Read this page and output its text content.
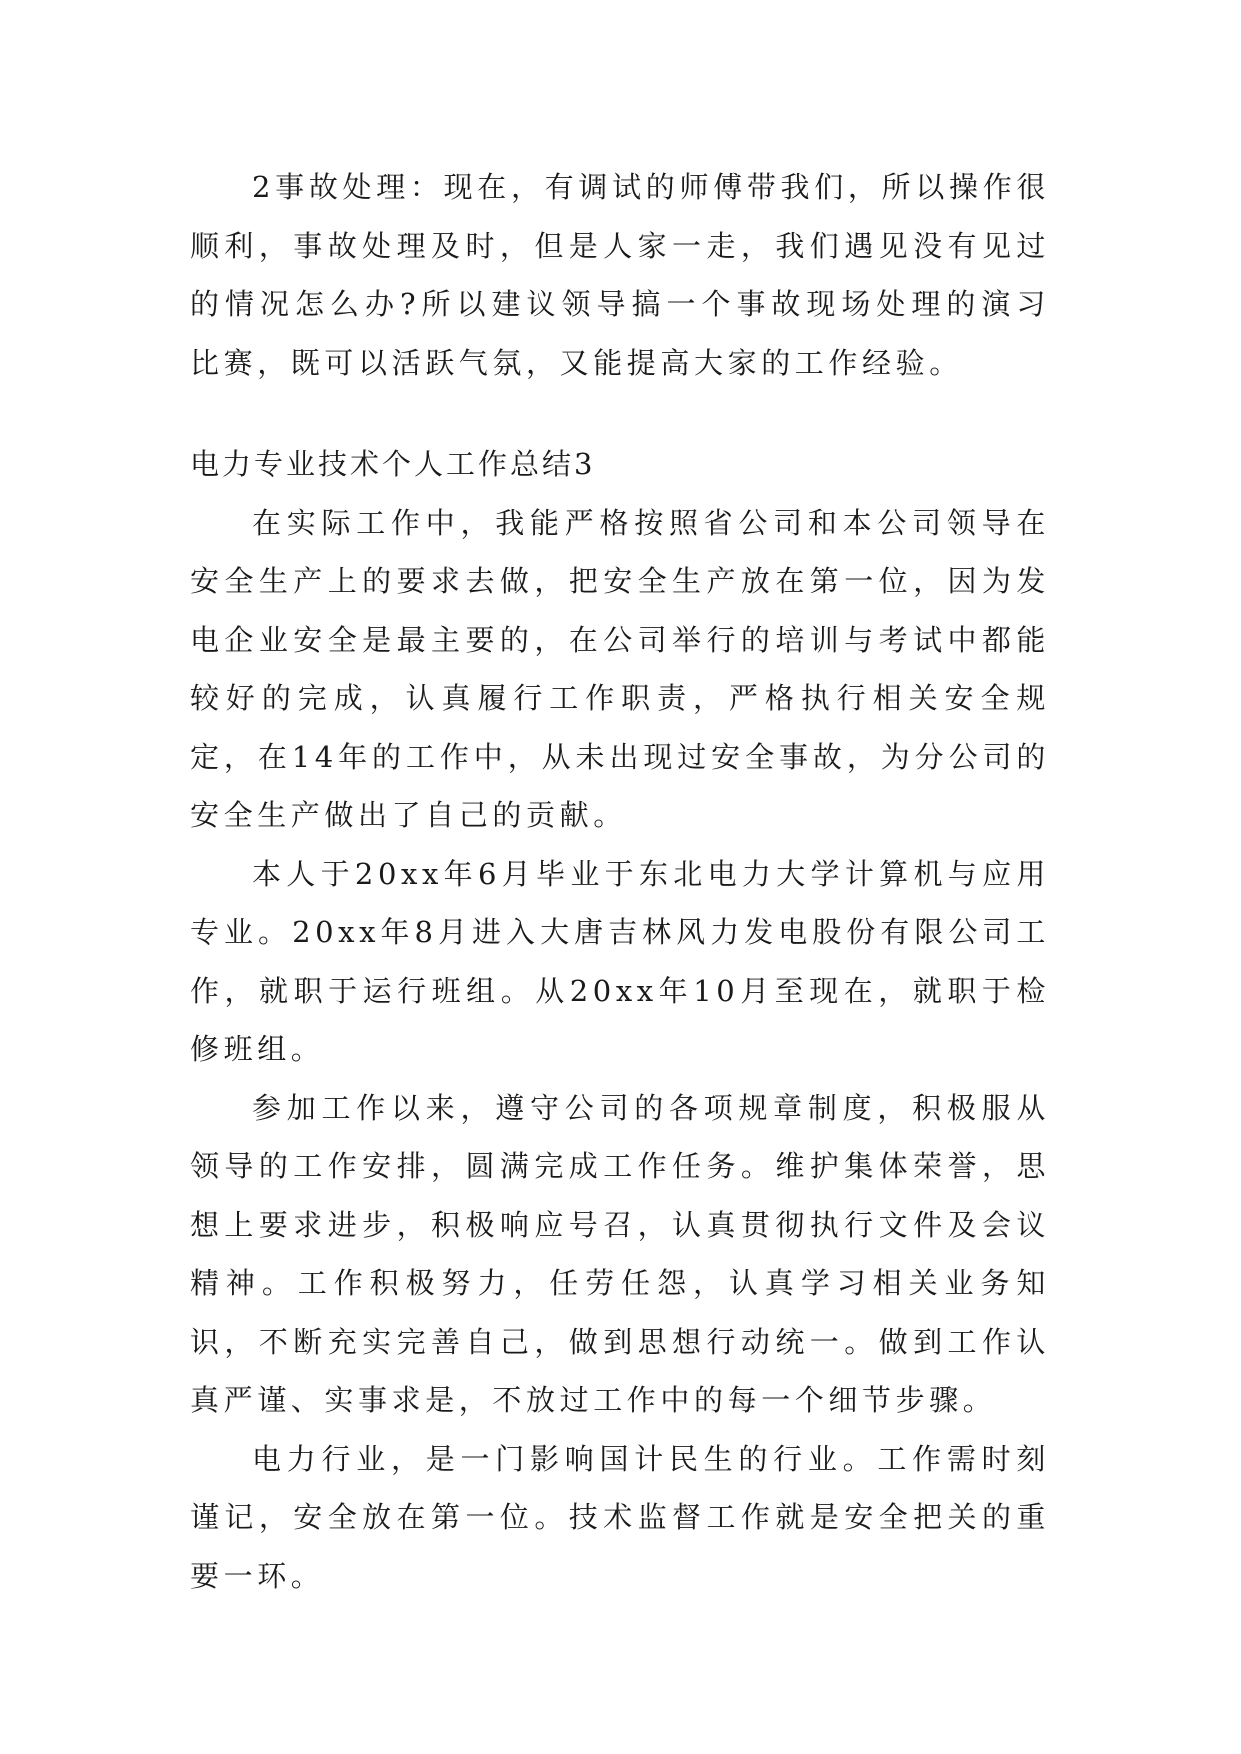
2事故处理：现在，有调试的师傅带我们，所以操作很顺利，事故处理及时，但是人家一走，我们遇见没有见过的情况怎么办?所以建议领导搞一个事故现场处理的演习比赛，既可以活跃气氛，又能提高大家的工作经验。

电力专业技术个人工作总结3

在实际工作中，我能严格按照省公司和本公司领导在安全生产上的要求去做，把安全生产放在第一位，因为发电企业安全是最主要的，在公司举行的培训与考试中都能较好的完成，认真履行工作职责，严格执行相关安全规定，在14年的工作中，从未出现过安全事故，为分公司的安全生产做出了自己的贡献。

本人于20xx年6月毕业于东北电力大学计算机与应用专业。20xx年8月进入大唐吉林风力发电股份有限公司工作，就职于运行班组。从20xx年10月至现在，就职于检修班组。

参加工作以来，遵守公司的各项规章制度，积极服从领导的工作安排，圆满完成工作任务。维护集体荣誉，思想上要求进步，积极响应号召，认真贯彻执行文件及会议精神。工作积极努力，任劳任怨，认真学习相关业务知识，不断充实完善自己，做到思想行动统一。做到工作认真严谨、实事求是，不放过工作中的每一个细节步骤。

电力行业，是一门影响国计民生的行业。工作需时刻谨记，安全放在第一位。技术监督工作就是安全把关的重要一环。
